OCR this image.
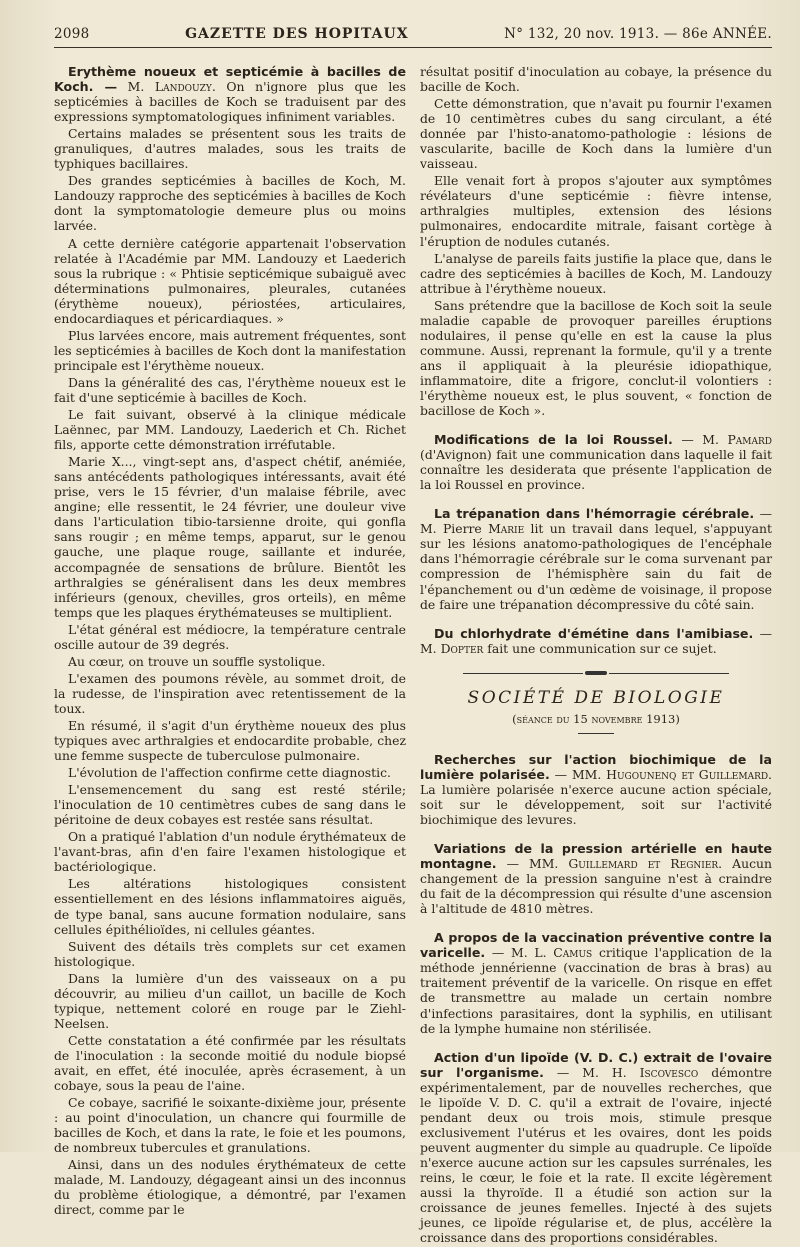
2098	GAZETTE DES HOPITAUX	N° 132, 20 nov. 1913. — 86e ANNÉE.

Erythème noueux et septicémie à bacilles de Koch. — M. Landouzy. On n'ignore plus que les septicémies à bacilles de Koch se traduisent par des expressions symptomatologiques infiniment variables.

Certains malades se présentent sous les traits de granuliques, d'autres malades, sous les traits de typhiques bacillaires.

Des grandes septicémies à bacilles de Koch, M. Landouzy rapproche des septicémies à bacilles de Koch dont la symptomatologie demeure plus ou moins larvée.

A cette dernière catégorie appartenait l'observation relatée à l'Académie par MM. Landouzy et Laederich sous la rubrique : « Phtisie septicémique subaiguë avec déterminations pulmonaires, pleurales, cutanées (érythème noueux), périostées, articulaires, endocardiaques et péricardiaques. »

Plus larvées encore, mais autrement fréquentes, sont les septicémies à bacilles de Koch dont la manifestation principale est l'érythème noueux.

Dans la généralité des cas, l'érythème noueux est le fait d'une septicémie à bacilles de Koch.

Le fait suivant, observé à la clinique médicale Laënnec, par MM. Landouzy, Laederich et Ch. Richet fils, apporte cette démonstration irréfutable.

Marie X..., vingt-sept ans, d'aspect chétif, anémiée, sans antécédents pathologiques intéressants, avait été prise, vers le 15 février, d'un malaise fébrile, avec angine; elle ressentit, le 24 février, une douleur vive dans l'articulation tibio-tarsienne droite, qui gonfla sans rougir ; en même temps, apparut, sur le genou gauche, une plaque rouge, saillante et indurée, accompagnée de sensations de brûlure. Bientôt les arthralgies se généralisent dans les deux membres inférieurs (genoux, chevilles, gros orteils), en même temps que les plaques érythémateuses se multiplient.

L'état général est médiocre, la température centrale oscille autour de 39 degrés.

Au cœur, on trouve un souffle systolique.

L'examen des poumons révèle, au sommet droit, de la rudesse, de l'inspiration avec retentissement de la toux.

En résumé, il s'agit d'un érythème noueux des plus typiques avec arthralgies et endocardite probable, chez une femme suspecte de tuberculose pulmonaire.

L'évolution de l'affection confirme cette diagnostic.

L'ensemencement du sang est resté stérile; l'inoculation de 10 centimètres cubes de sang dans le péritoine de deux cobayes est restée sans résultat.

On a pratiqué l'ablation d'un nodule érythémateux de l'avant-bras, afin d'en faire l'examen histologique et bactériologique.

Les altérations histologiques consistent essentiellement en des lésions inflammatoires aiguës, de type banal, sans aucune formation nodulaire, sans cellules épithélioïdes, ni cellules géantes.

Suivent des détails très complets sur cet examen histologique.

Dans la lumière d'un des vaisseaux on a pu découvrir, au milieu d'un caillot, un bacille de Koch typique, nettement coloré en rouge par le Ziehl-Neelsen.

Cette constatation a été confirmée par les résultats de l'inoculation : la seconde moitié du nodule biopsé avait, en effet, été inoculée, après écrasement, à un cobaye, sous la peau de l'aine.

Ce cobaye, sacrifié le soixante-dixième jour, présente : au point d'inoculation, un chancre qui fourmille de bacilles de Koch, et dans la rate, le foie et les poumons, de nombreux tubercules et granulations.

Ainsi, dans un des nodules érythémateux de cette malade, M. Landouzy, dégageant ainsi un des inconnus du problème étiologique, a démontré, par l'examen direct, comme par le

résultat positif d'inoculation au cobaye, la présence du bacille de Koch.

Cette démonstration, que n'avait pu fournir l'examen de 10 centimètres cubes du sang circulant, a été donnée par l'histo-anatomo-pathologie : lésions de vascularite, bacille de Koch dans la lumière d'un vaisseau.

Elle venait fort à propos s'ajouter aux symptômes révélateurs d'une septicémie : fièvre intense, arthralgies multiples, extension des lésions pulmonaires, endocardite mitrale, faisant cortège à l'éruption de nodules cutanés.

L'analyse de pareils faits justifie la place que, dans le cadre des septicémies à bacilles de Koch, M. Landouzy attribue à l'érythème noueux.

Sans prétendre que la bacillose de Koch soit la seule maladie capable de provoquer pareilles éruptions nodulaires, il pense qu'elle en est la cause la plus commune. Aussi, reprenant la formule, qu'il y a trente ans il appliquait à la pleurésie idiopathique, inflammatoire, dite a frigore, conclut-il volontiers : l'érythème noueux est, le plus souvent, « fonction de bacillose de Koch ».

Modifications de la loi Roussel. — M. Pamard (d'Avignon) fait une communication dans laquelle il fait connaître les desiderata que présente l'application de la loi Roussel en province.

La trépanation dans l'hémorragie cérébrale. — M. Pierre Marie lit un travail dans lequel, s'appuyant sur les lésions anatomo-pathologiques de l'encéphale dans l'hémorragie cérébrale sur le coma survenant par compression de l'hémisphère sain du fait de l'épanchement ou d'un œdème de voisinage, il propose de faire une trépanation décompressive du côté sain.

Du chlorhydrate d'émétine dans l'amibiase. — M. Dopter fait une communication sur ce sujet.

SOCIÉTÉ DE BIOLOGIE
(séance du 15 novembre 1913)

Recherches sur l'action biochimique de la lumière polarisée. — MM. Hugounenq et Guillemard. La lumière polarisée n'exerce aucune action spéciale, soit sur le développement, soit sur l'activité biochimique des levures.

Variations de la pression artérielle en haute montagne. — MM. Guillemard et Regnier. Aucun changement de la pression sanguine n'est à craindre du fait de la décompression qui résulte d'une ascension à l'altitude de 4810 mètres.

A propos de la vaccination préventive contre la varicelle. — M. L. Camus critique l'application de la méthode jennérienne (vaccination de bras à bras) au traitement préventif de la varicelle. On risque en effet de transmettre au malade un certain nombre d'infections parasitaires, dont la syphilis, en utilisant de la lymphe humaine non stérilisée.

Action d'un lipoïde (V. D. C.) extrait de l'ovaire sur l'organisme. — M. H. Iscovesco démontre expérimentalement, par de nouvelles recherches, que le lipoïde V. D. C. qu'il a extrait de l'ovaire, injecté pendant deux ou trois mois, stimule presque exclusivement l'utérus et les ovaires, dont les poids peuvent augmenter du simple au quadruple. Ce lipoïde n'exerce aucune action sur les capsules surrénales, les reins, le cœur, le foie et la rate. Il excite légèrement aussi la thyroïde. Il a étudié son action sur la croissance de jeunes femelles. Injecté à des sujets jeunes, ce lipoïde régularise et, de plus, accélère la croissance dans des proportions considérables.
